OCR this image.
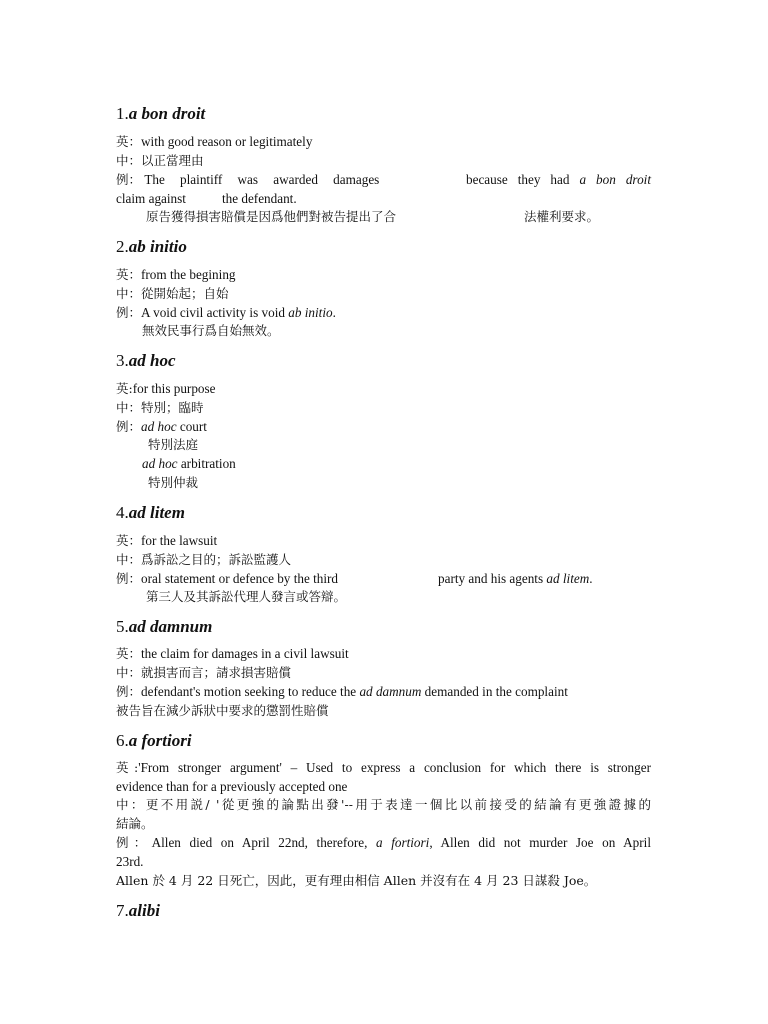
1.a bon droit
英：with good reason or legitimately
中：以正當理由
例： The plaintiff was awarded damages	because they had a bon droit
claim against	the defendant.
原告獲得損害賠償是因爲他們對被告提出了合	法權利要求。
2.ab initio
英：from the begining
中：從開始起；自始
例：A void civil activity is void ab initio.
無效民事行爲自始無效。
3.ad hoc
英:for this purpose
中：特別；臨時
例：ad hoc court
特別法庭
ad hoc arbitration
特別仲裁
4.ad litem
英：for the lawsuit
中：爲訴訟之目的；訴訟監護人
例：oral statement or defence by the third	party and his agents ad litem.
第三人及其訴訟代理人發言或答辯。
5.ad damnum
英：the claim for damages in a civil lawsuit
中：就損害而言；請求損害賠償
例：defendant's motion seeking to reduce the ad damnum demanded in the complaint
被告旨在減少訴狀中要求的懲罰性賠償
6.a fortiori
英:'From stronger argument' – Used to express a conclusion for which there is stronger
evidence than for a previously accepted one
中：更不用説/ '從更強的論點出發'--用于表達一個比以前接受的結論有更強證據的
結論。
例：Allen died on April 22nd, therefore, a fortiori, Allen did not murder Joe on April
23rd.
Allen 於 4 月 22 日死亡，因此，更有理由相信 Allen 并沒有在 4 月 23 日謀殺 Joe。
7.alibi
